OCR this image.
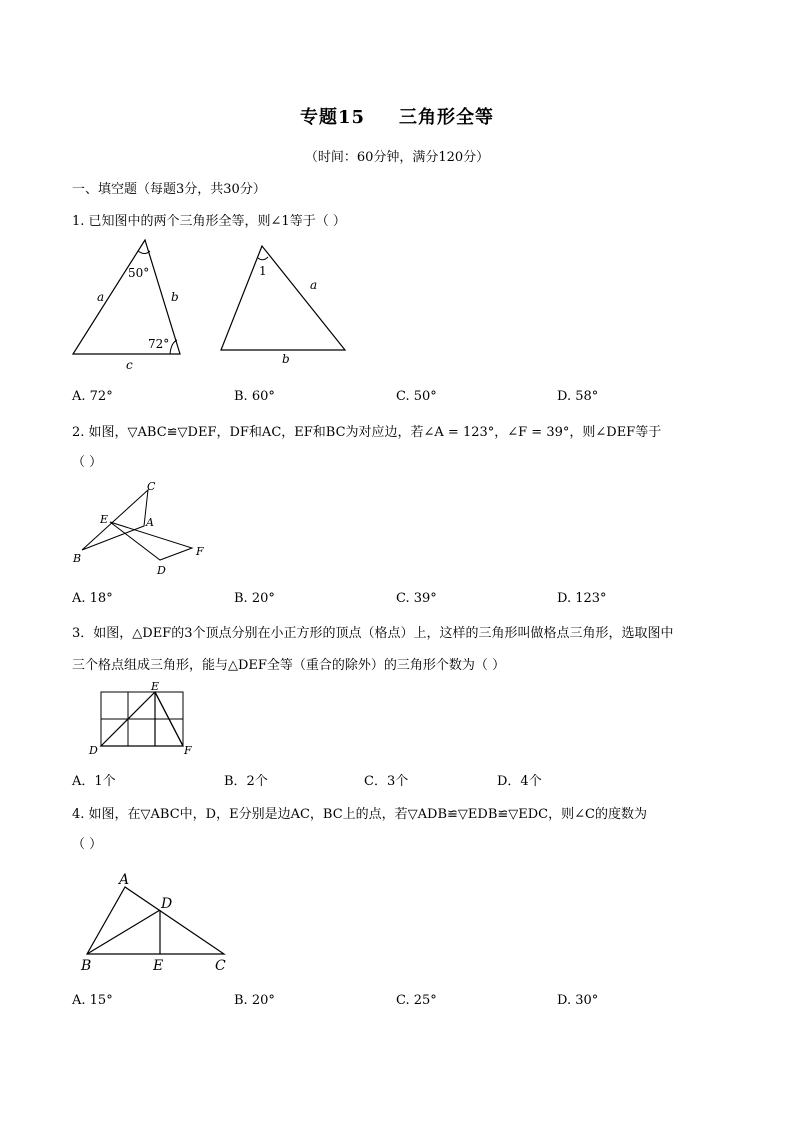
专题15 三角形全等
（时间：60分钟，满分120分）
一、填空题（每题3分，共30分）
1. 已知图中的两个三角形全等，则∠1等于（ ）
50°
72°
a	b
c
1
a
b
A. 72°	B. 60°	C. 50°	D. 58°
2. 如图，▽ABC≌▽DEF，DF和AC，EF和BC为对应边，若∠A = 123°，∠F = 39°，则∠DEF等于
（ ）
C
E	A
B
D
F
A. 18°	B. 20°	C. 39°	D. 123°
3．如图，△DEF的3个顶点分别在小正方形的顶点（格点）上，这样的三角形叫做格点三角形，选取图中
三个格点组成三角形，能与△DEF全等（重合的除外）的三角形个数为（ ）
E
D	F
A．1个	B．2个	C．3个	D．4个
4. 如图，在▽ABC中，D，E分别是边AC，BC上的点，若▽ADB≌▽EDB≌▽EDC，则∠C的度数为
（ ）
A
D
B	E	C
A. 15°	B. 20°	C. 25°	D. 30°
